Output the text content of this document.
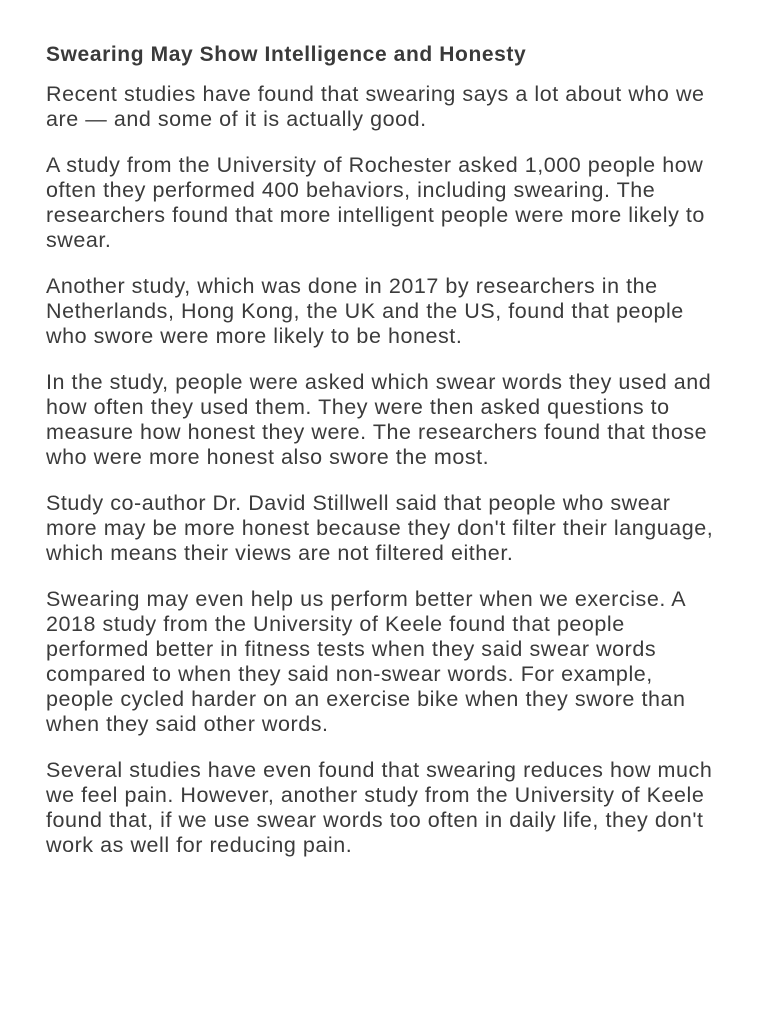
Swearing May Show Intelligence and Honesty

Recent studies have found that swearing says a lot about who we are — and some of it is actually good.

A study from the University of Rochester asked 1,000 people how often they performed 400 behaviors, including swearing. The researchers found that more intelligent people were more likely to swear.

Another study, which was done in 2017 by researchers in the Netherlands, Hong Kong, the UK and the US, found that people who swore were more likely to be honest.

In the study, people were asked which swear words they used and how often they used them. They were then asked questions to measure how honest they were. The researchers found that those who were more honest also swore the most.

Study co-author Dr. David Stillwell said that people who swear more may be more honest because they don't filter their language, which means their views are not filtered either.

Swearing may even help us perform better when we exercise. A 2018 study from the University of Keele found that people performed better in fitness tests when they said swear words compared to when they said non-swear words. For example, people cycled harder on an exercise bike when they swore than when they said other words.

Several studies have even found that swearing reduces how much we feel pain. However, another study from the University of Keele found that, if we use swear words too often in daily life, they don't work as well for reducing pain.
